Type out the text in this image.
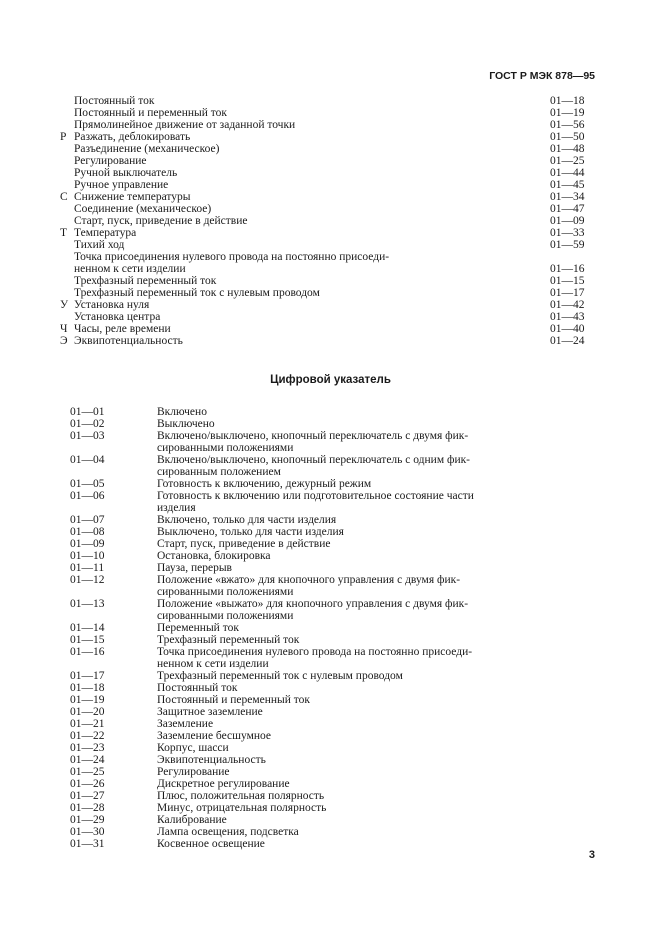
ГОСТ Р МЭК 878—95
Постоянный ток	01—18
Постоянный и переменный ток	01—19
Прямолинейное движение от заданной точки	01—56
Р Разжать, деблокировать	01—50
Разъединение (механическое)	01—48
Регулирование	01—25
Ручной выключатель	01—44
Ручное управление	01—45
С Снижение температуры	01—34
Соединение (механическое)	01—47
Старт, пуск, приведение в действие	01—09
Т Температура	01—33
Тихий ход	01—59
Точка присоединения нулевого провода на постоянно присоеди-
ненном к сети изделии	01—16
Трехфазный переменный ток	01—15
Трехфазный переменный ток с нулевым проводом	01—17
У Установка нуля	01—42
Установка центра	01—43
Ч Часы, реле времени	01—40
Э Эквипотенциальность	01—24
Цифровой указатель
01—01	Включено
01—02	Выключено
01—03	Включено/выключено, кнопочный переключатель с двумя фик-
сированными положениями
01—04	Включено/выключено, кнопочный переключатель с одним фик-
сированным положением
01—05	Готовность к включению, дежурный режим
01—06	Готовность к включению или подготовительное состояние части
изделия
01—07	Включено, только для части изделия
01—08	Выключено, только для части изделия
01—09	Старт, пуск, приведение в действие
01—10	Остановка, блокировка
01—11	Пауза, перерыв
01—12	Положение «вжато» для кнопочного управления с двумя фик-
сированными положениями
01—13	Положение «выжато» для кнопочного управления с двумя фик-
сированными положениями
01—14	Переменный ток
01—15	Трехфазный переменный ток
01—16	Точка присоединения нулевого провода на постоянно присоеди-
ненном к сети изделии
01—17	Трехфазный переменный ток с нулевым проводом
01—18	Постоянный ток
01—19	Постоянный и переменный ток
01—20	Защитное заземление
01—21	Заземление
01—22	Заземление бесшумное
01—23	Корпус, шасси
01—24	Эквипотенциальность
01—25	Регулирование
01—26	Дискретное регулирование
01—27	Плюс, положительная полярность
01—28	Минус, отрицательная полярность
01—29	Калибрование
01—30	Лампа освещения, подсветка
01—31	Косвенное освещение
3
